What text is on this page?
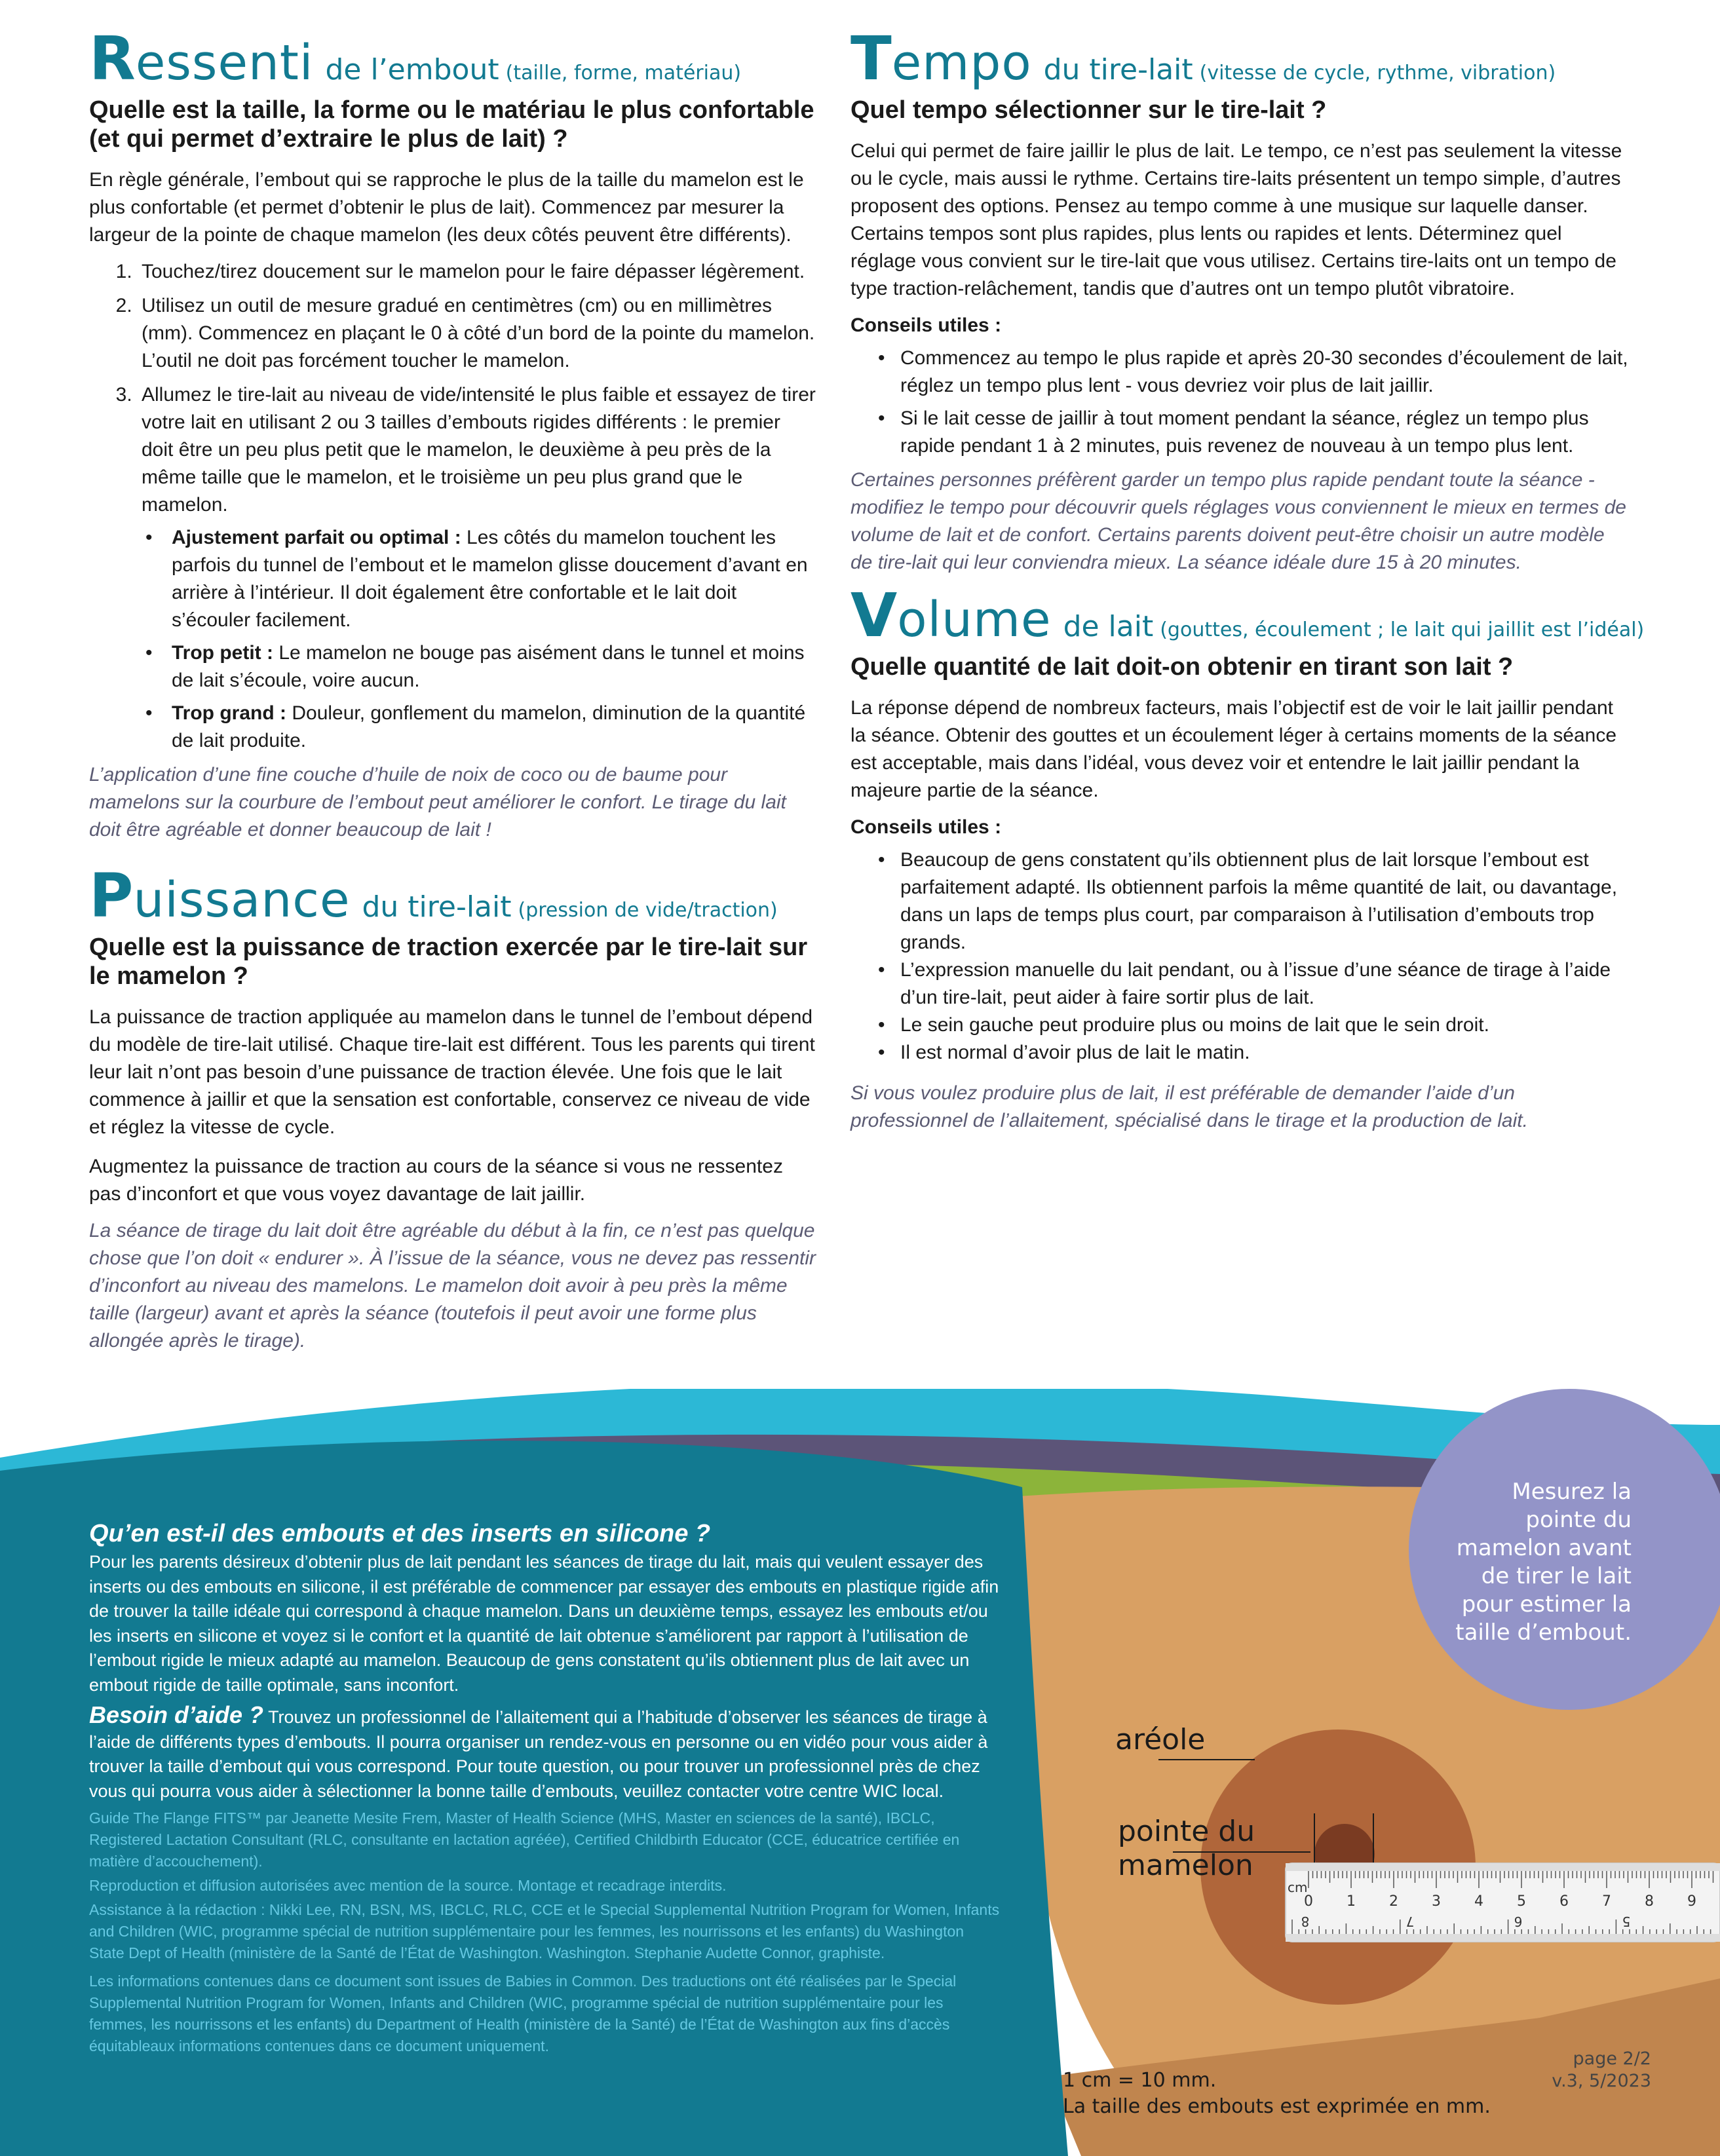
Ressenti de l’embout (taille, forme, matériau)
Quelle est la taille, la forme ou le matériau le plus confortable (et qui permet d’extraire le plus de lait) ?

En règle générale, l’embout qui se rapproche le plus de la taille du mamelon est le plus confortable (et permet d’obtenir le plus de lait). Commencez par mesurer la largeur de la pointe de chaque mamelon (les deux côtés peuvent être différents).

1. Touchez/tirez doucement sur le mamelon pour le faire dépasser légèrement.
2. Utilisez un outil de mesure gradué en centimètres (cm) ou en millimètres (mm). Commencez en plaçant le 0 à côté d’un bord de la pointe du mamelon. L’outil ne doit pas forcément toucher le mamelon.
3. Allumez le tire-lait au niveau de vide/intensité le plus faible et essayez de tirer votre lait en utilisant 2 ou 3 tailles d’embouts rigides différents : le premier doit être un peu plus petit que le mamelon, le deuxième à peu près de la même taille que le mamelon, et le troisième un peu plus grand que le mamelon.
• Ajustement parfait ou optimal : Les côtés du mamelon touchent les parfois du tunnel de l’embout et le mamelon glisse doucement d’avant en arrière à l’intérieur. Il doit également être confortable et le lait doit s’écouler facilement.
• Trop petit : Le mamelon ne bouge pas aisément dans le tunnel et moins de lait s’écoule, voire aucun.
• Trop grand : Douleur, gonflement du mamelon, diminution de la quantité de lait produite.

L’application d’une fine couche d’huile de noix de coco ou de baume pour mamelons sur la courbure de l’embout peut améliorer le confort. Le tirage du lait doit être agréable et donner beaucoup de lait !

Puissance du tire-lait (pression de vide/traction)
Quelle est la puissance de traction exercée par le tire-lait sur le mamelon ?

La puissance de traction appliquée au mamelon dans le tunnel de l’embout dépend du modèle de tire-lait utilisé. Chaque tire-lait est différent. Tous les parents qui tirent leur lait n’ont pas besoin d’une puissance de traction élevée. Une fois que le lait commence à jaillir et que la sensation est confortable, conservez ce niveau de vide et réglez la vitesse de cycle.

Augmentez la puissance de traction au cours de la séance si vous ne ressentez pas d’inconfort et que vous voyez davantage de lait jaillir.

La séance de tirage du lait doit être agréable du début à la fin, ce n’est pas quelque chose que l’on doit « endurer ». À l’issue de la séance, vous ne devez pas ressentir d’inconfort au niveau des mamelons. Le mamelon doit avoir à peu près la même taille (largeur) avant et après la séance (toutefois il peut avoir une forme plus allongée après le tirage).

Tempo du tire-lait (vitesse de cycle, rythme, vibration)
Quel tempo sélectionner sur le tire-lait ?

Celui qui permet de faire jaillir le plus de lait. Le tempo, ce n’est pas seulement la vitesse ou le cycle, mais aussi le rythme. Certains tire-laits présentent un tempo simple, d’autres proposent des options. Pensez au tempo comme à une musique sur laquelle danser. Certains tempos sont plus rapides, plus lents ou rapides et lents. Déterminez quel réglage vous convient sur le tire-lait que vous utilisez. Certains tire-laits ont un tempo de type traction-relâchement, tandis que d’autres ont un tempo plutôt vibratoire.

Conseils utiles :

• Commencez au tempo le plus rapide et après 20-30 secondes d’écoulement de lait, réglez un tempo plus lent - vous devriez voir plus de lait jaillir.
• Si le lait cesse de jaillir à tout moment pendant la séance, réglez un tempo plus rapide pendant 1 à 2 minutes, puis revenez de nouveau à un tempo plus lent.

Certaines personnes préfèrent garder un tempo plus rapide pendant toute la séance - modifiez le tempo pour découvrir quels réglages vous conviennent le mieux en termes de volume de lait et de confort. Certains parents doivent peut-être choisir un autre modèle de tire-lait qui leur conviendra mieux. La séance idéale dure 15 à 20 minutes.

Volume de lait (gouttes, écoulement ; le lait qui jaillit est l’idéal)
Quelle quantité de lait doit-on obtenir en tirant son lait ?

La réponse dépend de nombreux facteurs, mais l’objectif est de voir le lait jaillir pendant la séance. Obtenir des gouttes et un écoulement léger à certains moments de la séance est acceptable, mais dans l’idéal, vous devez voir et entendre le lait jaillir pendant la majeure partie de la séance.

Conseils utiles :

• Beaucoup de gens constatent qu’ils obtiennent plus de lait lorsque l’embout est parfaitement adapté. Ils obtiennent parfois la même quantité de lait, ou davantage, dans un laps de temps plus court, par comparaison à l’utilisation d’embouts trop grands.
• L’expression manuelle du lait pendant, ou à l’issue d’une séance de tirage à l’aide d’un tire-lait, peut aider à faire sortir plus de lait.
• Le sein gauche peut produire plus ou moins de lait que le sein droit.
• Il est normal d’avoir plus de lait le matin.

Si vous voulez produire plus de lait, il est préférable de demander l’aide d’un professionnel de l’allaitement, spécialisé dans le tirage et la production de lait.

cm
0 1 2 3 4 5 6 7 8 9
8	7	6	5
Qu’en est-il des embouts et des inserts en silicone ?

Pour les parents désireux d’obtenir plus de lait pendant les séances de tirage du lait, mais qui veulent essayer des inserts ou des embouts en silicone, il est préférable de commencer par essayer des embouts en plastique rigide afin de trouver la taille idéale qui correspond à chaque mamelon. Dans un deuxième temps, essayez les embouts et/ou les inserts en silicone et voyez si le confort et la quantité de lait obtenue s’améliorent par rapport à l’utilisation de l’embout rigide le mieux adapté au mamelon. Beaucoup de gens constatent qu’ils obtiennent plus de lait avec un embout rigide de taille optimale, sans inconfort.

Besoin d’aide ? Trouvez un professionnel de l’allaitement qui a l’habitude d’observer les séances de tirage à l’aide de différents types d’embouts. Il pourra organiser un rendez-vous en personne ou en vidéo pour vous aider à trouver la taille d’embout qui vous correspond. Pour toute question, ou pour trouver un professionnel près de chez vous qui pourra vous aider à sélectionner la bonne taille d’embouts, veuillez contacter votre centre WIC local.

Guide The Flange FITS™ par Jeanette Mesite Frem, Master of Health Science (MHS, Master en sciences de la santé), IBCLC, Registered Lactation Consultant (RLC, consultante en lactation agréée), Certified Childbirth Educator (CCE, éducatrice certifiée en matière d’accouchement).

Reproduction et diffusion autorisées avec mention de la source. Montage et recadrage interdits.

Assistance à la rédaction : Nikki Lee, RN, BSN, MS, IBCLC, RLC, CCE et le Special Supplemental Nutrition Program for Women, Infants and Children (WIC, programme spécial de nutrition supplémentaire pour les femmes, les nourrissons et les enfants) du Washington State Dept of Health (ministère de la Santé de l’État de Washington. Washington. Stephanie Audette Connor, graphiste.

Les informations contenues dans ce document sont issues de Babies in Common. Des traductions ont été réalisées par le Special Supplemental Nutrition Program for Women, Infants and Children (WIC, programme spécial de nutrition supplémentaire pour les femmes, les nourrissons et les enfants) du Department of Health (ministère de la Santé) de l’État de Washington aux fins d’accès équitableaux informations contenues dans ce document uniquement.

Mesurez la pointe du mamelon avant de tirer le lait pour estimer la taille d’embout.
aréole
pointe du
mamelon
1 cm = 10 mm.
La taille des embouts est exprimée en mm.
page 2/2
v.3, 5/2023
